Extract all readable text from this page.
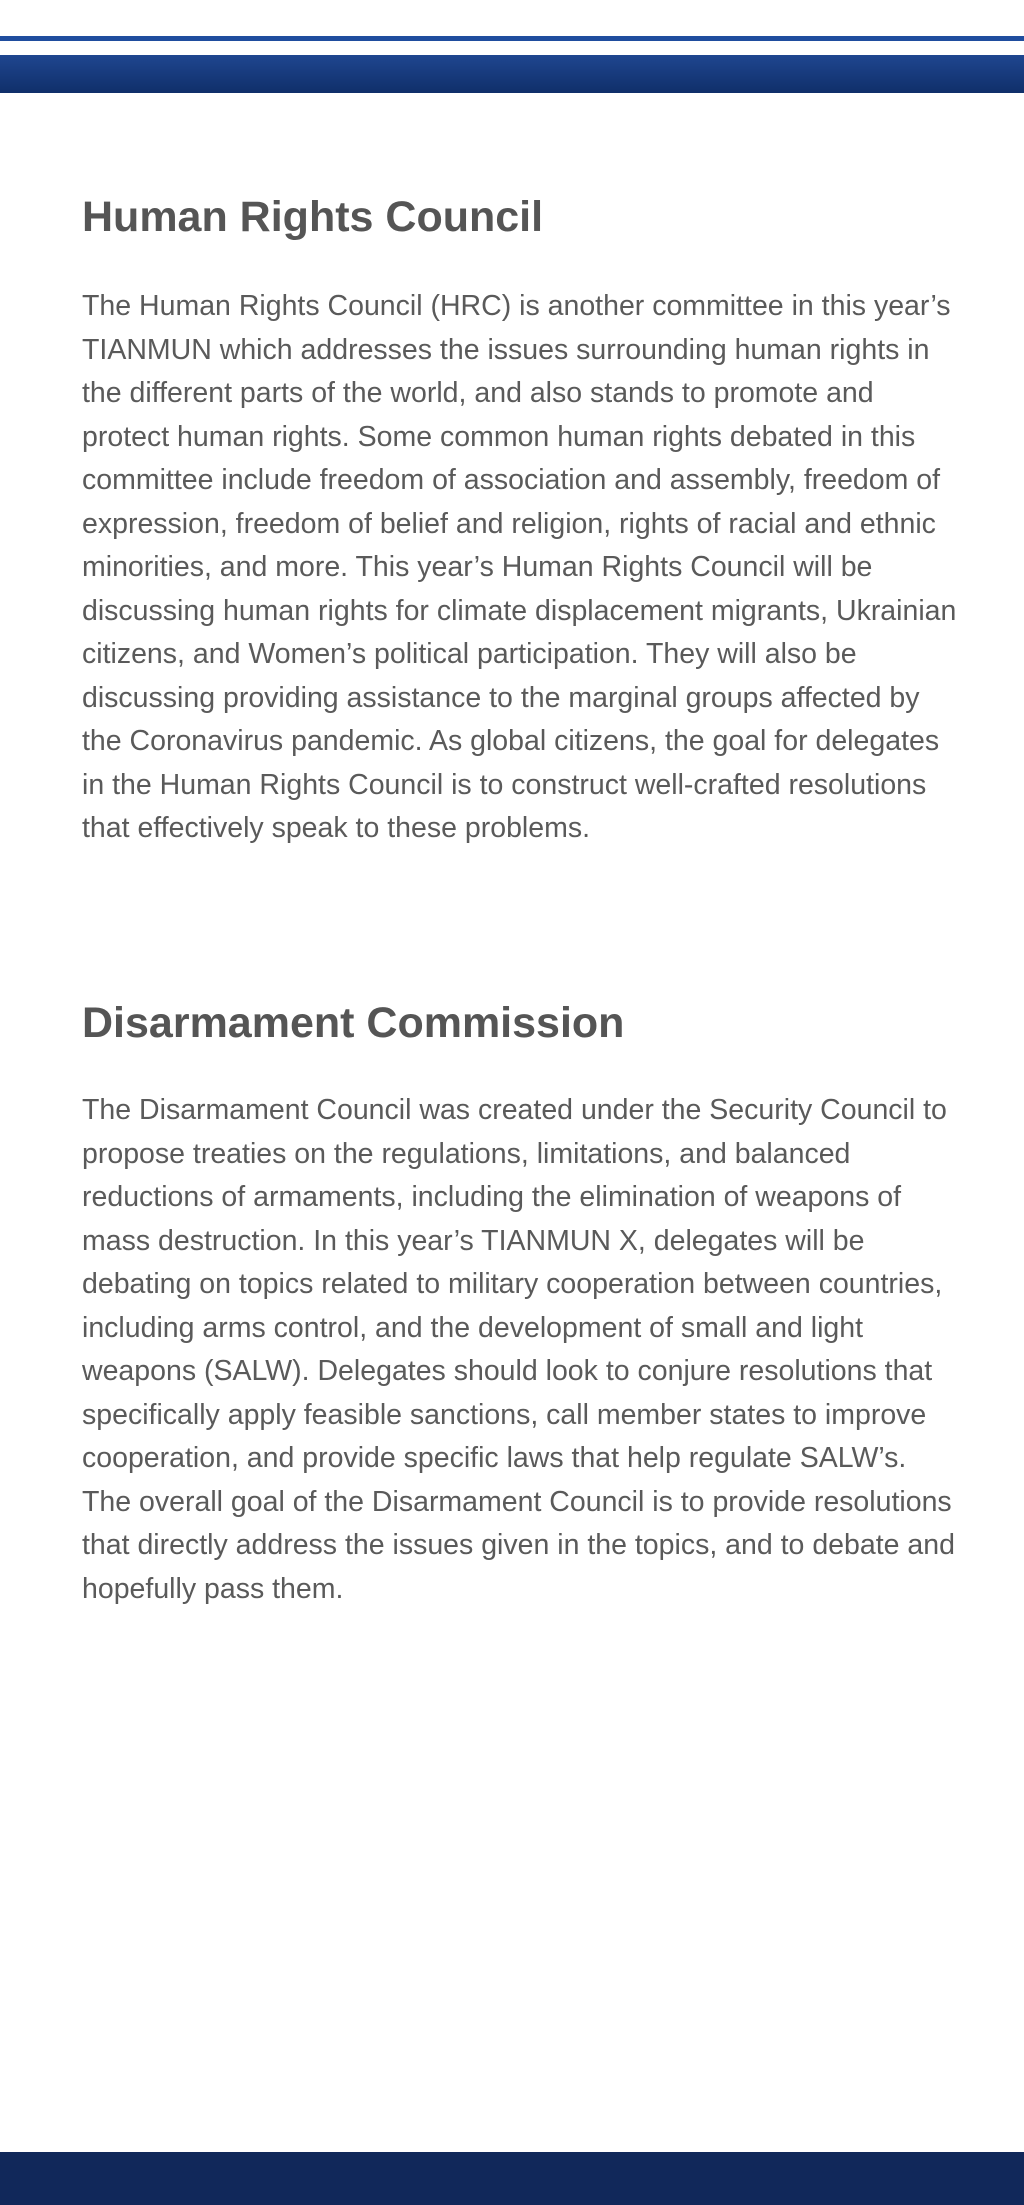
Human Rights Council

The Human Rights Council (HRC) is another committee in this year’s TIANMUN which addresses the issues surrounding human rights in the different parts of the world, and also stands to promote and protect human rights. Some common human rights debated in this committee include freedom of association and assembly, freedom of expression, freedom of belief and religion, rights of racial and ethnic minorities, and more. This year’s Human Rights Council will be discussing human rights for climate displacement migrants, Ukrainian citizens, and Women’s political participation. They will also be discussing providing assistance to the marginal groups affected by the Coronavirus pandemic. As global citizens, the goal for delegates in the Human Rights Council is to construct well-crafted resolutions that effectively speak to these problems.

Disarmament Commission

The Disarmament Council was created under the Security Council to propose treaties on the regulations, limitations, and balanced reductions of armaments, including the elimination of weapons of mass destruction. In this year’s TIANMUN X, delegates will be debating on topics related to military cooperation between countries, including arms control, and the development of small and light weapons (SALW). Delegates should look to conjure resolutions that specifically apply feasible sanctions, call member states to improve cooperation, and provide specific laws that help regulate SALW’s. The overall goal of the Disarmament Council is to provide resolutions that directly address the issues given in the topics, and to debate and hopefully pass them.
